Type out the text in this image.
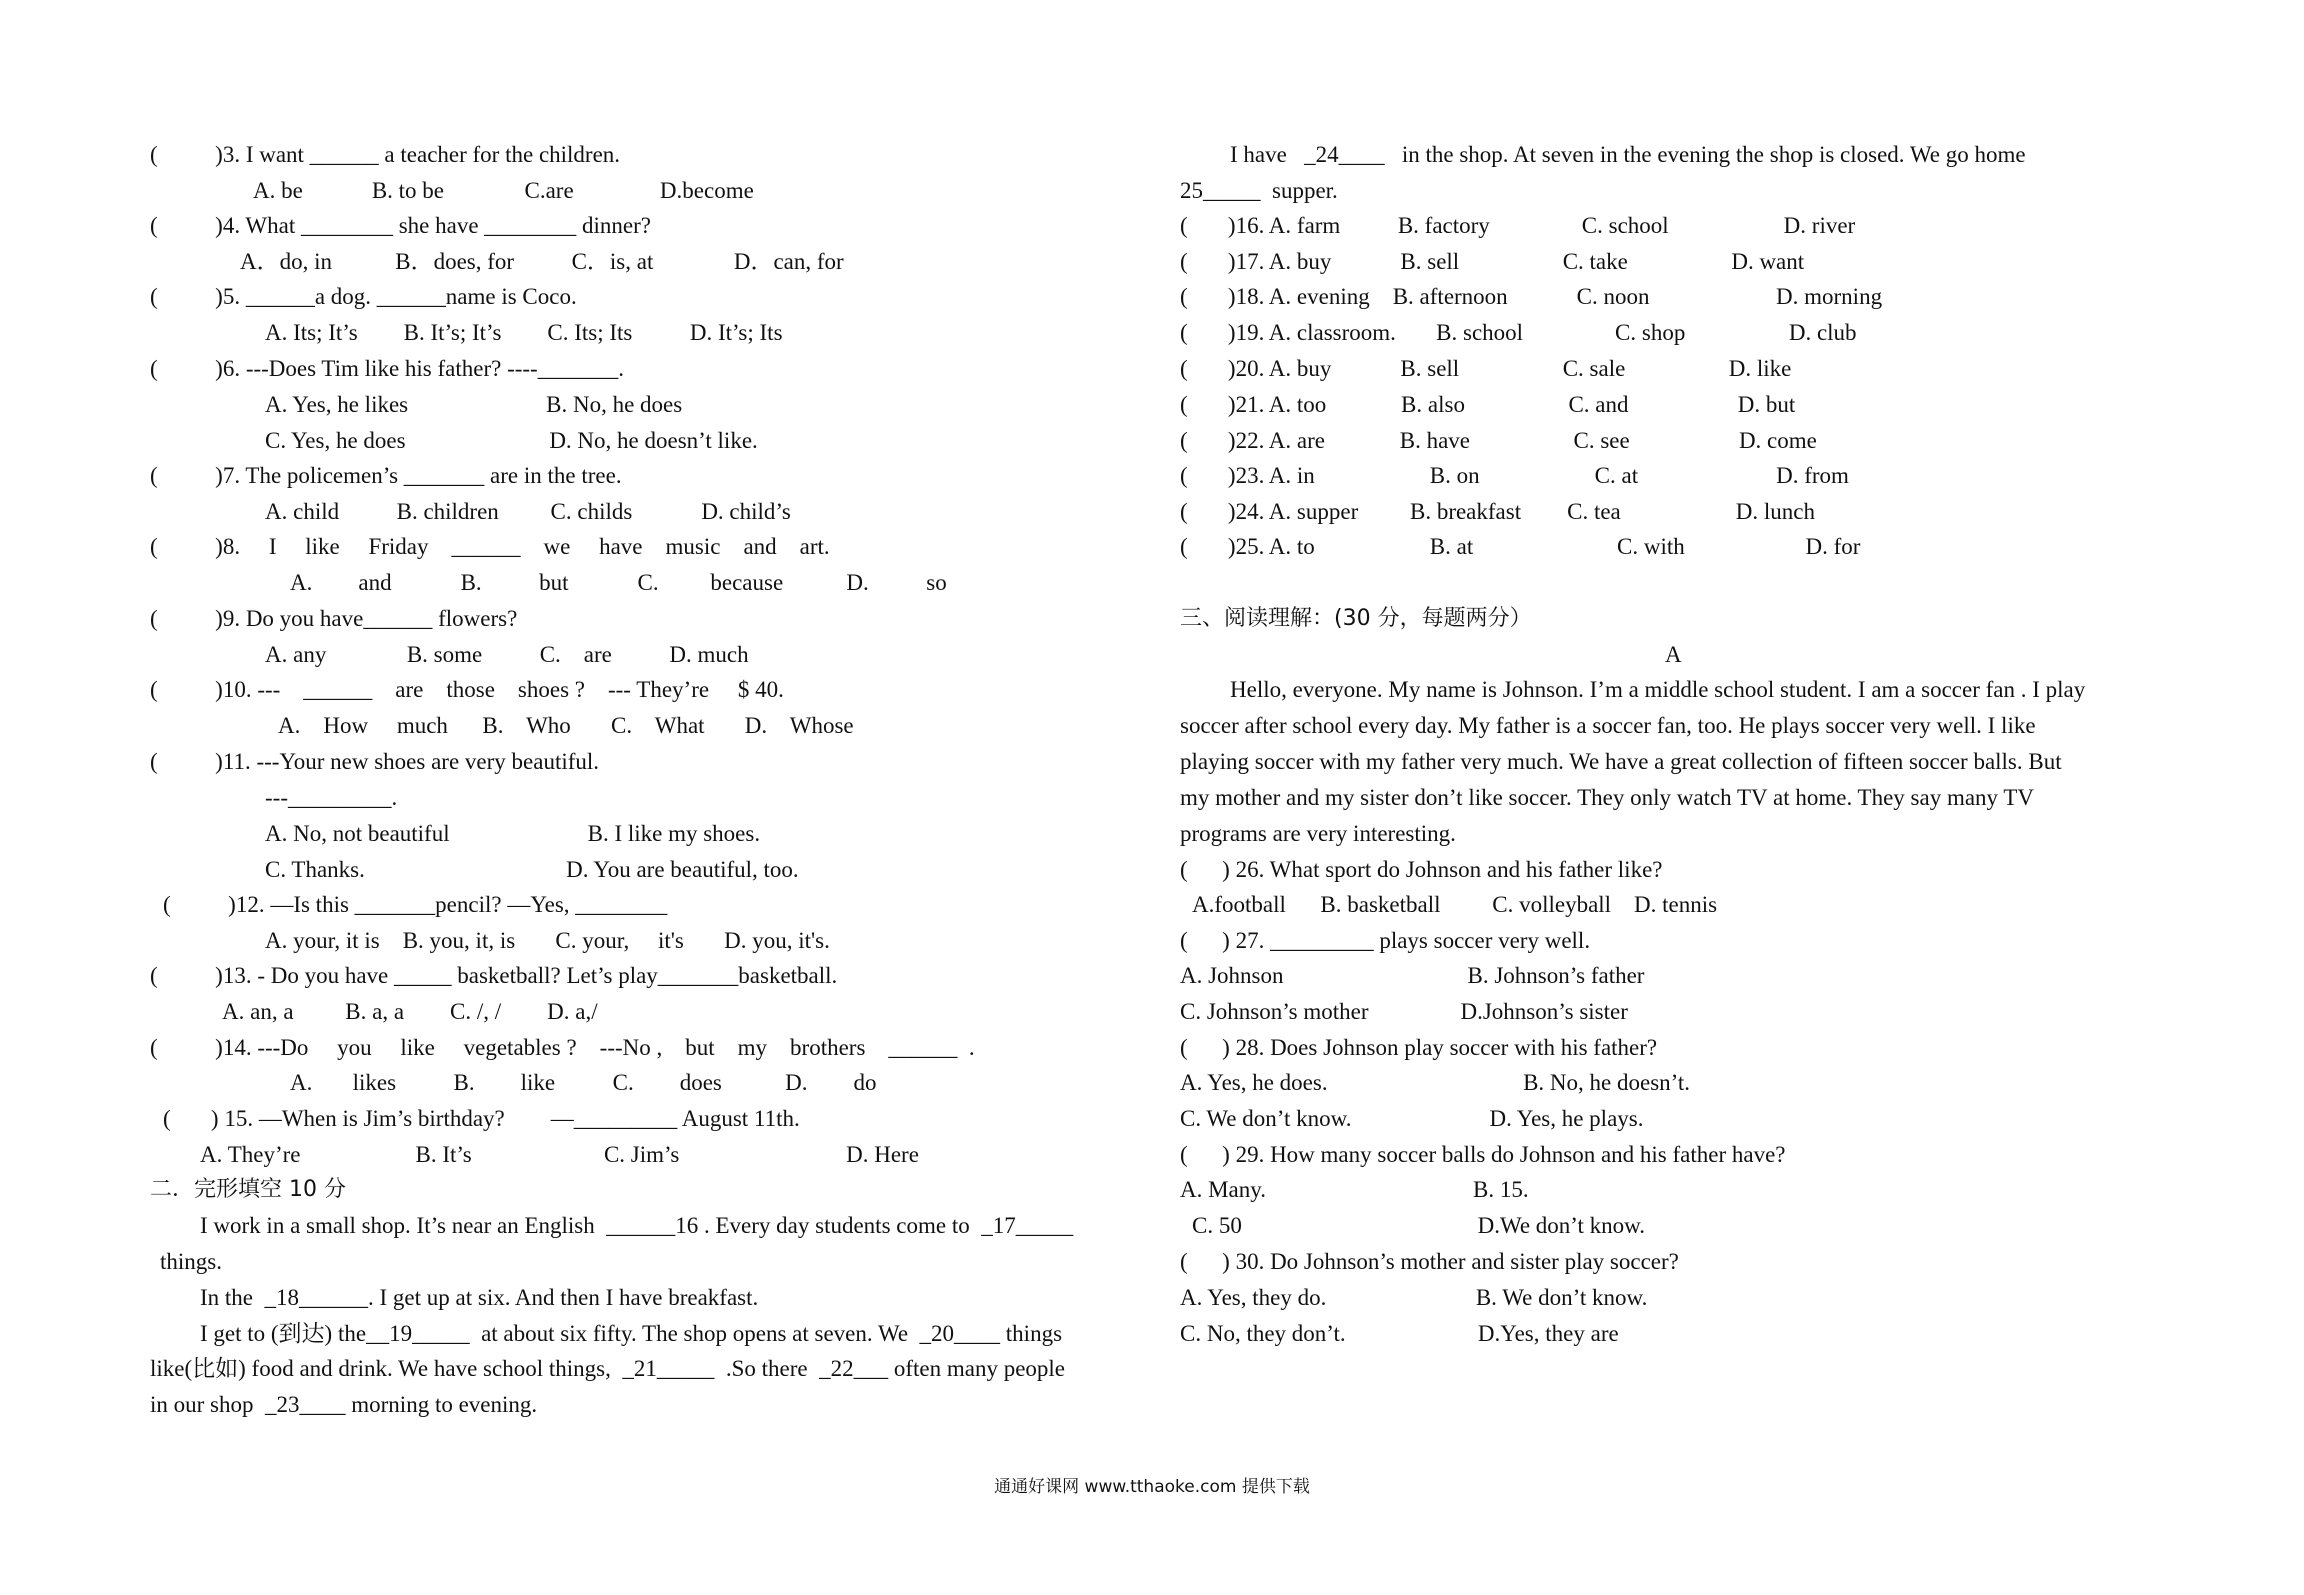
(          )3. I want ______ a teacher for the children.
A. be            B. to be              C.are               D.become
(          )4. What ________ she have ________ dinner?
A．do, in           B．does, for          C．is, at              D．can, for
(          )5. ______a dog. ______name is Coco.
A. Its; It’s        B. It’s; It’s        C. Its; Its          D. It’s; Its
(          )6. ---Does Tim like his father? ----_______.
A. Yes, he likes                        B. No, he does
C. Yes, he does                         D. No, he doesn’t like.
(          )7. The policemen’s _______ are in the tree.
A. child          B. children         C. childs            D. child’s
(          )8.     I     like     Friday    ______    we     have    music    and    art.
A.        and            B.          but            C.         because           D.          so
(          )9. Do you have______ flowers?
A. any              B. some          C.    are          D. much
(          )10. ---    ______    are    those    shoes ?    --- They’re     $ 40.
A.    How     much      B.    Who       C.    What       D.    Whose
(          )11. ---Your new shoes are very beautiful.
---_________.
A. No, not beautiful                        B. I like my shoes.
C. Thanks.                                   D. You are beautiful, too.
(          )12. —Is this _______pencil? —Yes, ________
A. your, it is    B. you, it, is       C. your,     it's       D. you, it's.
(          )13. - Do you have _____ basketball? Let’s play_______basketball.
A. an, a         B. a, a        C. /, /        D. a,/
(          )14. ---Do     you     like     vegetables ?    ---No ,    but    my    brothers    ______  .
A.       likes          B.        like          C.        does           D.        do
(       ) 15. —When is Jim’s birthday?        —_________ August 11th.
A. They’re                    B. It’s                       C. Jim’s                             D. Here
二．完形填空 10 分
I work in a small shop. It’s near an English  ______16 . Every day students come to  _17_____
things.
In the  _18______. I get up at six. And then I have breakfast.
I get to (到达) the__19_____  at about six fifty. The shop opens at seven. We  _20____ things
like(比如) food and drink. We have school things,  _21_____  .So there  _22___ often many people
in our shop  _23____ morning to evening.
I have   _24____   in the shop. At seven in the evening the shop is closed. We go home
25_____  supper.
(       )16. A. farm          B. factory                C. school                    D. river
(       )17. A. buy            B. sell                  C. take                  D. want
(       )18. A. evening    B. afternoon            C. noon                      D. morning
(       )19. A. classroom.       B. school                C. shop                  D. club
(       )20. A. buy            B. sell                  C. sale                  D. like
(       )21. A. too             B. also                  C. and                   D. but
(       )22. A. are             B. have                  C. see                   D. come
(       )23. A. in                    B. on                    C. at                        D. from
(       )24. A. supper         B. breakfast        C. tea                    D. lunch
(       )25. A. to                    B. at                         C. with                     D. for
三、阅读理解：(30 分，每题两分）
A
Hello, everyone. My name is Johnson. I’m a middle school student. I am a soccer fan . I play
soccer after school every day. My father is a soccer fan, too. He plays soccer very well. I like
playing soccer with my father very much. We have a great collection of fifteen soccer balls. But
my mother and my sister don’t like soccer. They only watch TV at home. They say many TV
programs are very interesting.
(      ) 26. What sport do Johnson and his father like?
A.football      B. basketball         C. volleyball    D. tennis
(      ) 27. _________ plays soccer very well.
A. Johnson                                B. Johnson’s father
C. Johnson’s mother                D.Johnson’s sister
(      ) 28. Does Johnson play soccer with his father?
A. Yes, he does.                                  B. No, he doesn’t.
C. We don’t know.                        D. Yes, he plays.
(      ) 29. How many soccer balls do Johnson and his father have?
A. Many.                                    B. 15.
C. 50                                         D.We don’t know.
(      ) 30. Do Johnson’s mother and sister play soccer?
A. Yes, they do.                          B. We don’t know.
C. No, they don’t.                       D.Yes, they are
通通好课网 www.tthaoke.com 提供下载
